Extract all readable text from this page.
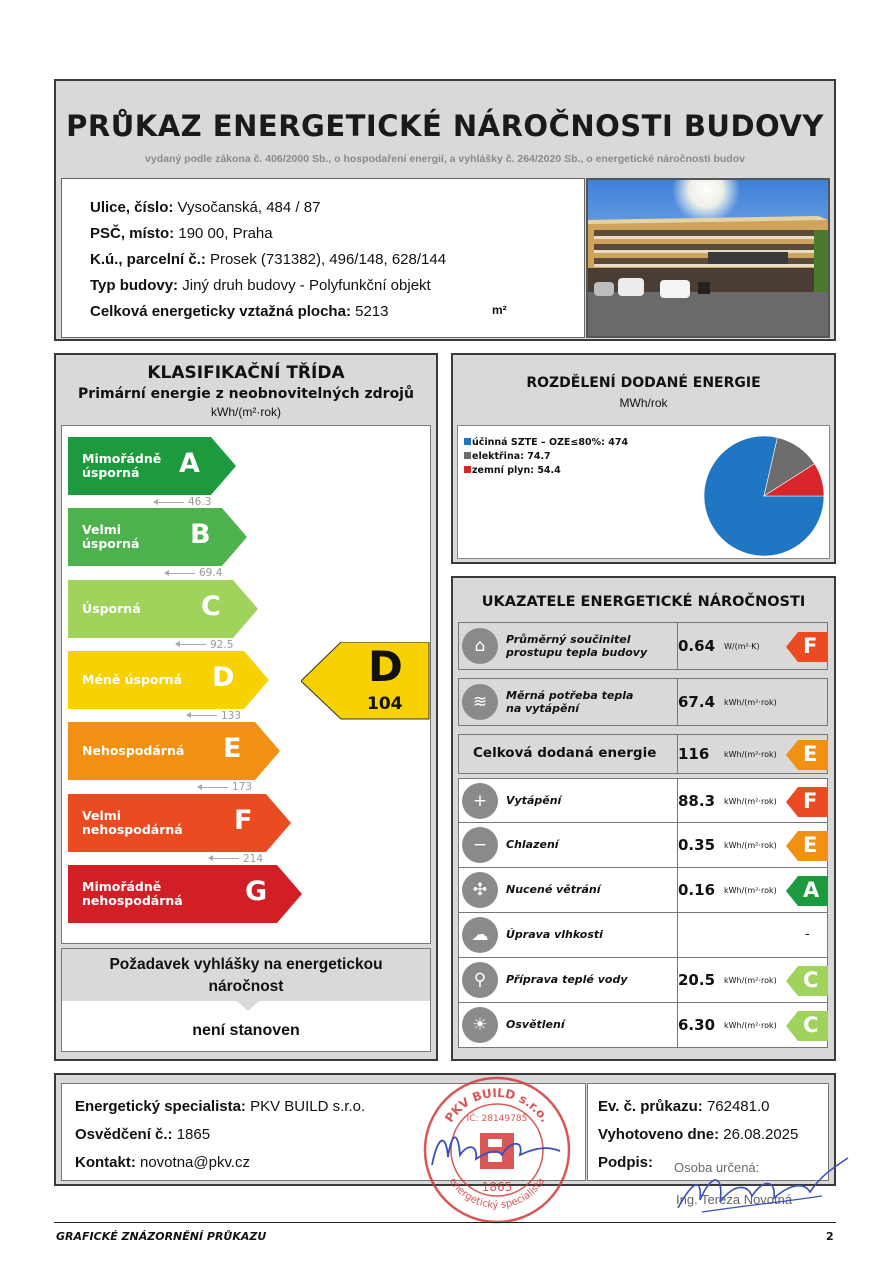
PRŮKAZ ENERGETICKÉ NÁROČNOSTI BUDOVY
vydaný podle zákona č. 406/2000 Sb., o hospodaření energií, a vyhlášky č. 264/2020 Sb., o energetické náročnosti budov
Ulice, číslo: Vysočanská, 484 / 87
PSČ, místo: 190 00, Praha
K.ú., parcelní č.: Prosek (731382), 496/148, 628/144
Typ budovy: Jiný druh budovy - Polyfunkční objekt
Celková energeticky vztažná plocha: 5213	m²
KLASIFIKAČNÍ TŘÍDA
Primární energie z neobnovitelných zdrojů
kWh/(m²·rok)
Mimořádně
úsporná	A
46.3
Velmi
úsporná B
69.4
Úsporná C
92.5
Méně úsporná D
133
Nehospodárná E
173
Velmi
nehospodárná F
214
Mimořádně
nehospodárná G
D
104
Požadavek vyhlášky na energetickou
náročnost
není stanoven
ROZDĚLENÍ DODANÉ ENERGIE
MWh/rok
účinná SZTE – OZE≤80%: 474
elektřina: 74.7
zemní plyn: 54.4
UKAZATELE ENERGETICKÉ NÁROČNOSTI
⌂	Průměrný součinitel
prostupu tepla budovy 0.64 W/(m²·K) F
≋	Měrná potřeba tepla
na vytápění	67.4 kWh/(m²·rok)
Celková dodaná energie 116 kWh/(m²·rok) E
+	Vytápění	88.3 kWh/(m²·rok) F
−	Chlazení	0.35 kWh/(m²·rok) E
✣	Nucené větrání	0.16 kWh/(m²·rok) A
☁	Úprava vlhkosti	-
⚲	Příprava teplé vody	20.5 kWh/(m²·rok) C
☀	Osvětlení	6.30 kWh/(m²·rok) C
Energetický specialista: PKV BUILD s.r.o.
Osvědčení č.: 1865
Kontakt: novotna@pkv.cz
Ev. č. průkazu: 762481.0
Vyhotoveno dne: 26.08.2025
Podpis: Osoba určená:
Ing. Tereza Novotná
PKV BUILD s.r.o.
energetický specialista
IČ: 28149785
1865
GRAFICKÉ ZNÁZORNĚNÍ PRŮKAZU	2
